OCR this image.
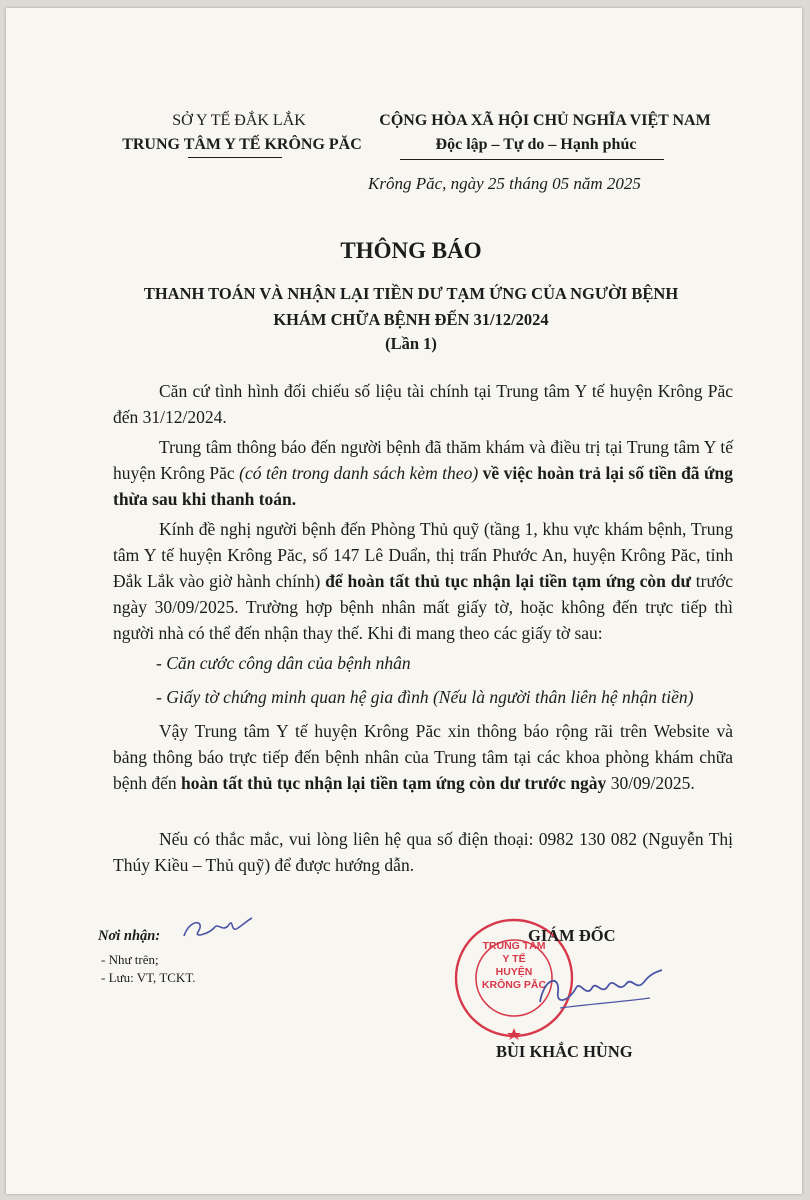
SỞ Y TẾ ĐẮK LẮK
TRUNG TÂM Y TẾ KRÔNG PĂC
CỘNG HÒA XÃ HỘI CHỦ NGHĨA VIỆT NAM
Độc lập – Tự do – Hạnh phúc
Krông Păc, ngày 25 tháng 05 năm 2025
THÔNG BÁO
THANH TOÁN VÀ NHẬN LẠI TIỀN DƯ TẠM ỨNG CỦA NGƯỜI BỆNH
KHÁM CHỮA BỆNH ĐẾN 31/12/2024
(Lần 1)

Căn cứ tình hình đối chiếu số liệu tài chính tại Trung tâm Y tế huyện Krông Păc đến 31/12/2024.

Trung tâm thông báo đến người bệnh đã thăm khám và điều trị tại Trung tâm Y tế huyện Krông Păc (có tên trong danh sách kèm theo) về việc hoàn trả lại số tiền đã ứng thừa sau khi thanh toán.

Kính đề nghị người bệnh đến Phòng Thủ quỹ (tầng 1, khu vực khám bệnh, Trung tâm Y tế huyện Krông Păc, số 147 Lê Duẩn, thị trấn Phước An, huyện Krông Păc, tỉnh Đắk Lắk vào giờ hành chính) để hoàn tất thủ tục nhận lại tiền tạm ứng còn dư trước ngày 30/09/2025. Trường hợp bệnh nhân mất giấy tờ, hoặc không đến trực tiếp thì người nhà có thể đến nhận thay thế. Khi đi mang theo các giấy tờ sau:

- Căn cước công dân của bệnh nhân
- Giấy tờ chứng minh quan hệ gia đình (Nếu là người thân liên hệ nhận tiền)

Vậy Trung tâm Y tế huyện Krông Păc xin thông báo rộng rãi trên Website và bảng thông báo trực tiếp đến bệnh nhân của Trung tâm tại các khoa phòng khám chữa bệnh đến hoàn tất thủ tục nhận lại tiền tạm ứng còn dư trước ngày 30/09/2025.

Nếu có thắc mắc, vui lòng liên hệ qua số điện thoại: 0982 130 082 (Nguyễn Thị Thúy Kiều – Thủ quỹ) để được hướng dẫn.

Nơi nhận:
- Như trên;
- Lưu: VT, TCKT.
TRUNG TÂM
Y TẾ
HUYỆN
KRÔNG PĂC
GIÁM ĐỐC
BÙI KHẮC HÙNG
